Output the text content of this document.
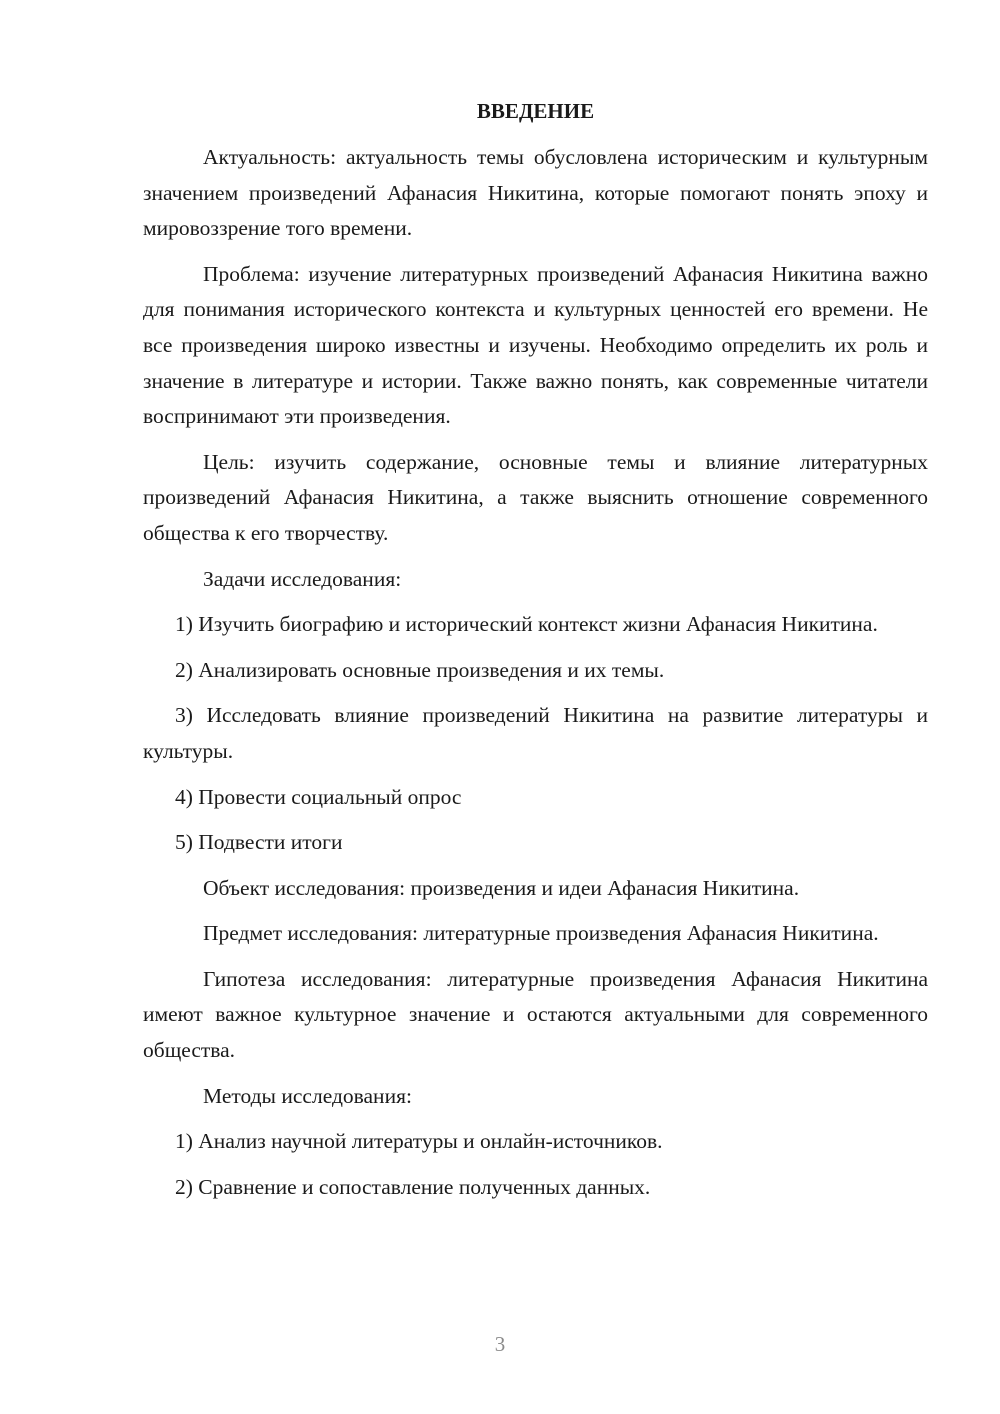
ВВЕДЕНИЕ

Актуальность: актуальность темы обусловлена историческим и культурным значением произведений Афанасия Никитина, которые помогают понять эпоху и мировоззрение того времени.

Проблема: изучение литературных произведений Афанасия Никитина важно для понимания исторического контекста и культурных ценностей его времени. Не все произведения широко известны и изучены. Необходимо определить их роль и значение в литературе и истории. Также важно понять, как современные читатели воспринимают эти произведения.

Цель: изучить содержание, основные темы и влияние литературных произведений Афанасия Никитина, а также выяснить отношение современного общества к его творчеству.

Задачи исследования:

1) Изучить биографию и исторический контекст жизни Афанасия Никитина.

2) Анализировать основные произведения и их темы.

3) Исследовать влияние произведений Никитина на развитие литературы и культуры.

4) Провести социальный опрос

5) Подвести итоги

Объект исследования: произведения и идеи Афанасия Никитина.

Предмет исследования: литературные произведения Афанасия Никитина.

Гипотеза исследования: литературные произведения Афанасия Никитина имеют важное культурное значение и остаются актуальными для современного общества.

Методы исследования:

1) Анализ научной литературы и онлайн-источников.

2) Сравнение и сопоставление полученных данных.

3
